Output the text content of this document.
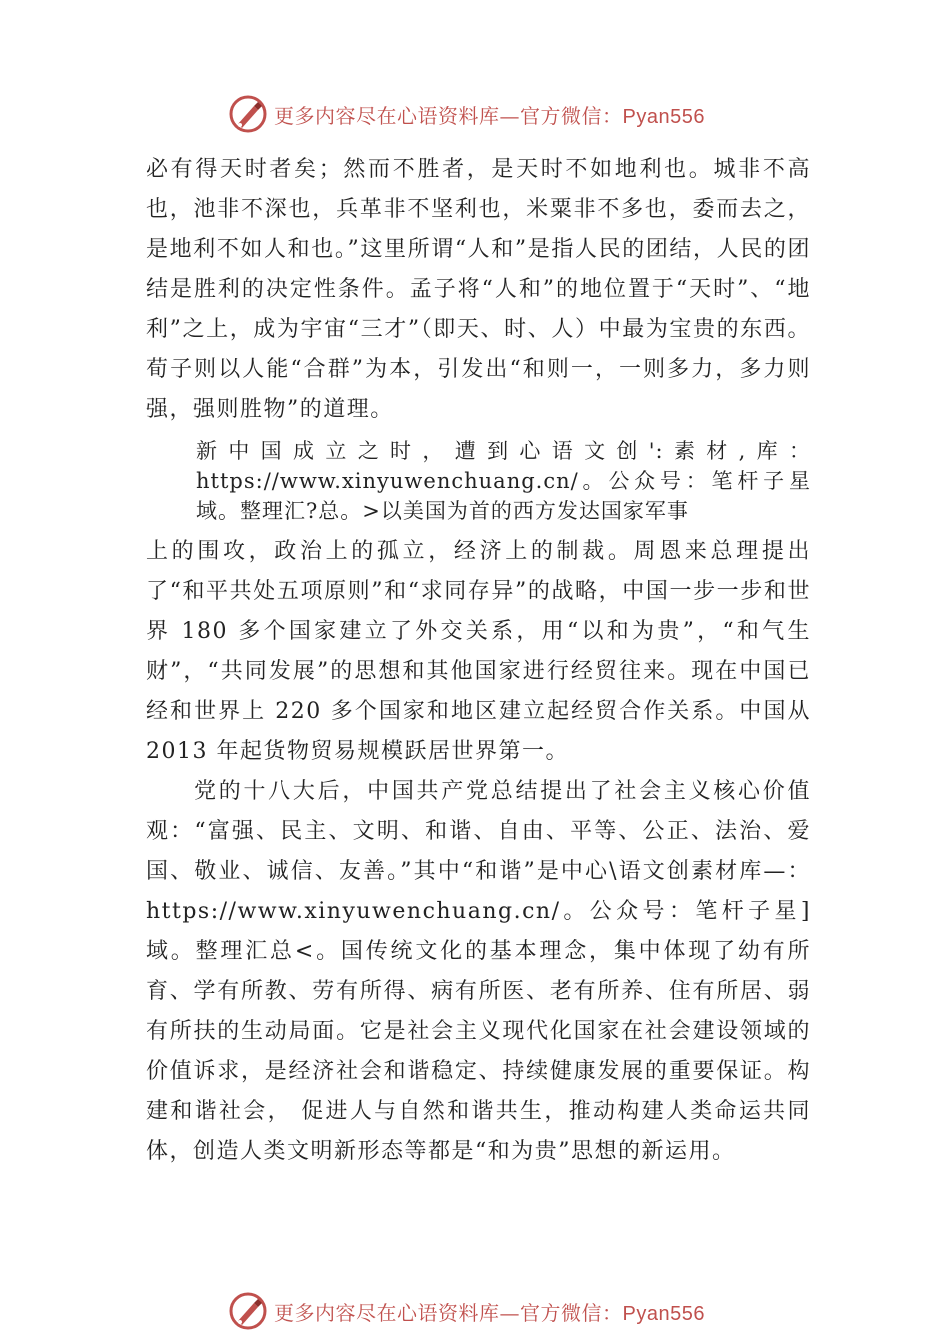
更多内容尽在心语资料库—官方微信：Pyan556

必有得天时者矣；然而不胜者，是天时不如地利也。城非不高也，池非不深也，兵革非不坚利也，米粟非不多也，委而去之，是地利不如人和也。”这里所谓“人和”是指人民的团结，人民的团结是胜利的决定性条件。孟子将“人和”的地位置于“天时”、“地利”之上，成为宇宙“三才”（即天、时、人）中最为宝贵的东西。荀子则以人能“合群”为本，引发出“和则一，一则多力，多力则强，强则胜物”的道理。

新中国成立之时，遭到心语文创':素材,库：https://www.xinyuwenchuang.cn/。公众号：笔杆子星域。整理汇?总。>以美国为首的西方发达国家军事

上的围攻，政治上的孤立，经济上的制裁。周恩来总理提出了“和平共处五项原则”和“求同存异”的战略，中国一步一步和世界 180 多个国家建立了外交关系，用“以和为贵”，“和气生财”，“共同发展”的思想和其他国家进行经贸往来。现在中国已经和世界上 220 多个国家和地区建立起经贸合作关系。中国从 2013 年起货物贸易规模跃居世界第一。

党的十八大后，中国共产党总结提出了社会主义核心价值观：“富强、民主、文明、和谐、自由、平等、公正、法治、爱国、敬业、诚信、友善。”其中“和谐”是中心\语文创素材库—：https://www.xinyuwenchuang.cn/。公众号：笔杆子星]域。整理汇总<。国传统文化的基本理念，集中体现了幼有所育、学有所教、劳有所得、病有所医、老有所养、住有所居、弱有所扶的生动局面。它是社会主义现代化国家在社会建设领域的价值诉求，是经济社会和谐稳定、持续健康发展的重要保证。构建和谐社会， 促进人与自然和谐共生，推动构建人类命运共同体，创造人类文明新形态等都是“和为贵”思想的新运用。

更多内容尽在心语资料库—官方微信：Pyan556
